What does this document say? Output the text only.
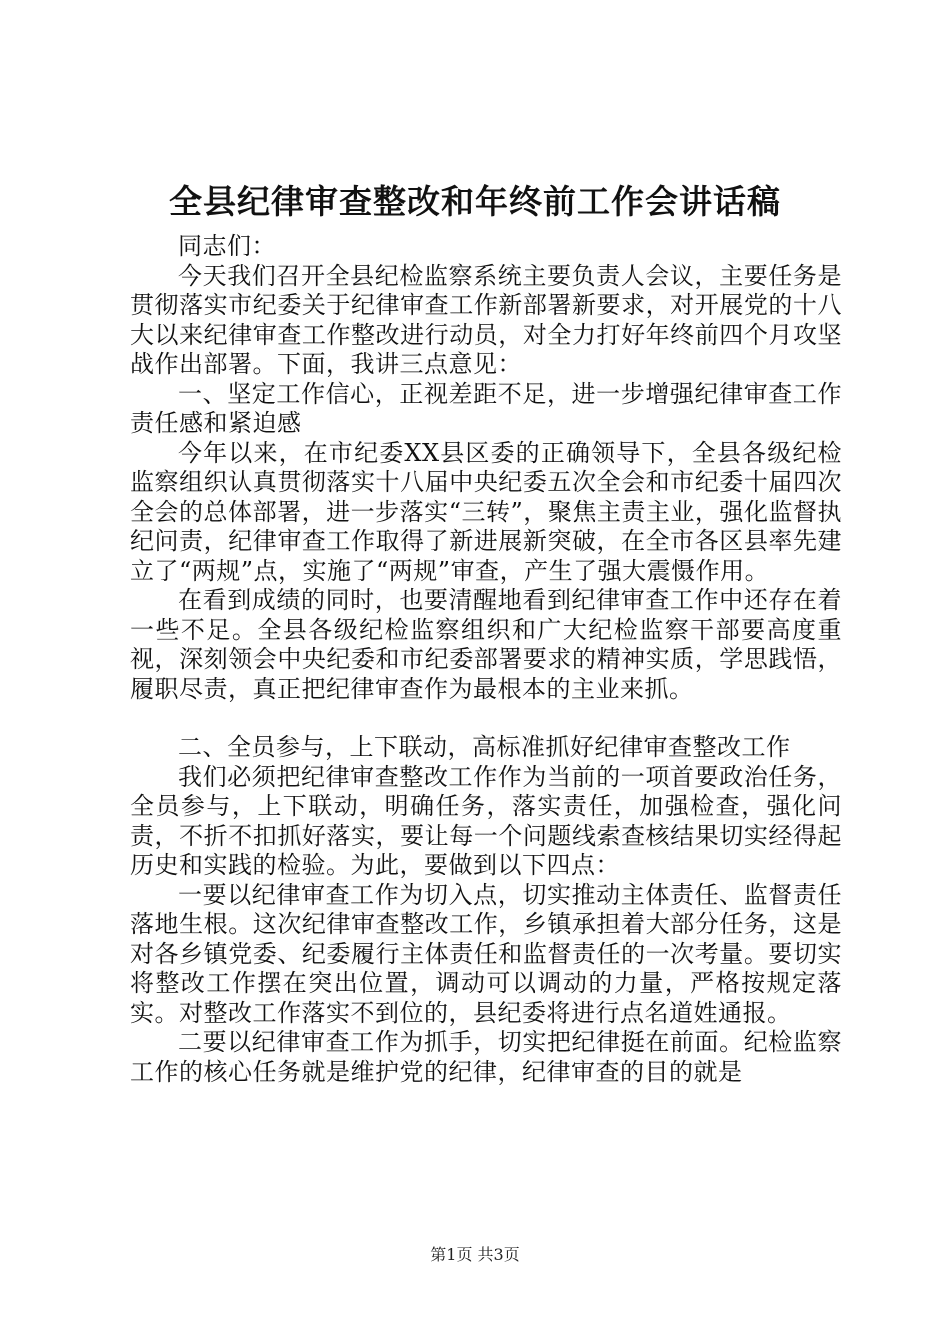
全县纪律审查整改和年终前工作会讲话稿

同志们：

今天我们召开全县纪检监察系统主要负责人会议，主要任务是贯彻落实市纪委关于纪律审查工作新部署新要求，对开展党的十八大以来纪律审查工作整改进行动员，对全力打好年终前四个月攻坚战作出部署。下面，我讲三点意见：

一、坚定工作信心，正视差距不足，进一步增强纪律审查工作责任感和紧迫感

今年以来，在市纪委XX县区委的正确领导下，全县各级纪检监察组织认真贯彻落实十八届中央纪委五次全会和市纪委十届四次全会的总体部署，进一步落实“三转”，聚焦主责主业，强化监督执纪问责，纪律审查工作取得了新进展新突破，在全市各区县率先建立了“两规”点，实施了“两规”审查，产生了强大震慑作用。

在看到成绩的同时，也要清醒地看到纪律审查工作中还存在着一些不足。全县各级纪检监察组织和广大纪检监察干部要高度重视，深刻领会中央纪委和市纪委部署要求的精神实质，学思践悟，履职尽责，真正把纪律审查作为最根本的主业来抓。

二、全员参与，上下联动，高标准抓好纪律审查整改工作

我们必须把纪律审查整改工作作为当前的一项首要政治任务，全员参与，上下联动，明确任务，落实责任，加强检查，强化问责，不折不扣抓好落实，要让每一个问题线索查核结果切实经得起历史和实践的检验。为此，要做到以下四点：

一要以纪律审查工作为切入点，切实推动主体责任、监督责任落地生根。这次纪律审查整改工作，乡镇承担着大部分任务，这是对各乡镇党委、纪委履行主体责任和监督责任的一次考量。要切实将整改工作摆在突出位置，调动可以调动的力量，严格按规定落实。对整改工作落实不到位的，县纪委将进行点名道姓通报。

二要以纪律审查工作为抓手，切实把纪律挺在前面。纪检监察工作的核心任务就是维护党的纪律，纪律审查的目的就是

第1页 共3页
